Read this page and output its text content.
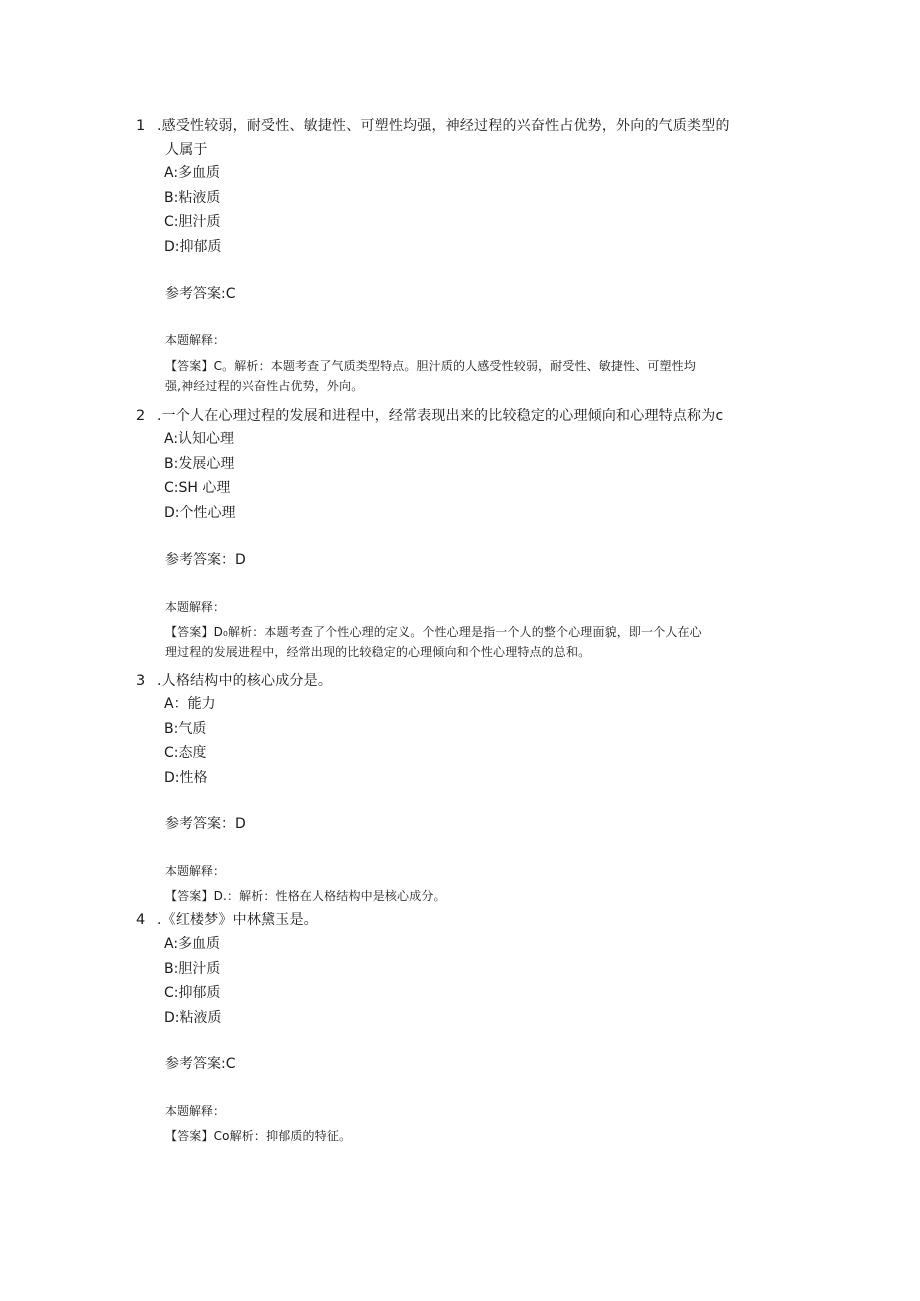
1 .感受性较弱，耐受性、敏捷性、可塑性均强，神经过程的兴奋性占优势，外向的气质类型的
人属于
A:多血质
B:粘液质
C:胆汁质
D:抑郁质
参考答案:C
本题解释：
【答案】C。解析：本题考查了气质类型特点。胆汁质的人感受性较弱，耐受性、敏捷性、可塑性均
强,神经过程的兴奋性占优势，外向。
2 .一个人在心理过程的发展和进程中，经常表现出来的比较稳定的心理倾向和心理特点称为c
A:认知心理
B:发展心理
C:SH 心理
D:个性心理
参考答案：D
本题解释：
【答案】D₀解析：本题考查了个性心理的定义。个性心理是指一个人的整个心理面貌，即一个人在心
理过程的发展进程中，经常出现的比较稳定的心理倾向和个性心理特点的总和。
3 .人格结构中的核心成分是。
A：能力
B:气质
C:态度
D:性格
参考答案：D
本题解释：
【答案】D.：解析：性格在人格结构中是核心成分。
4 .《红楼梦》中林黛玉是。
A:多血质
B:胆汁质
C:抑郁质
D:粘液质
参考答案:C
本题解释：
【答案】Co解析：抑郁质的特征。
